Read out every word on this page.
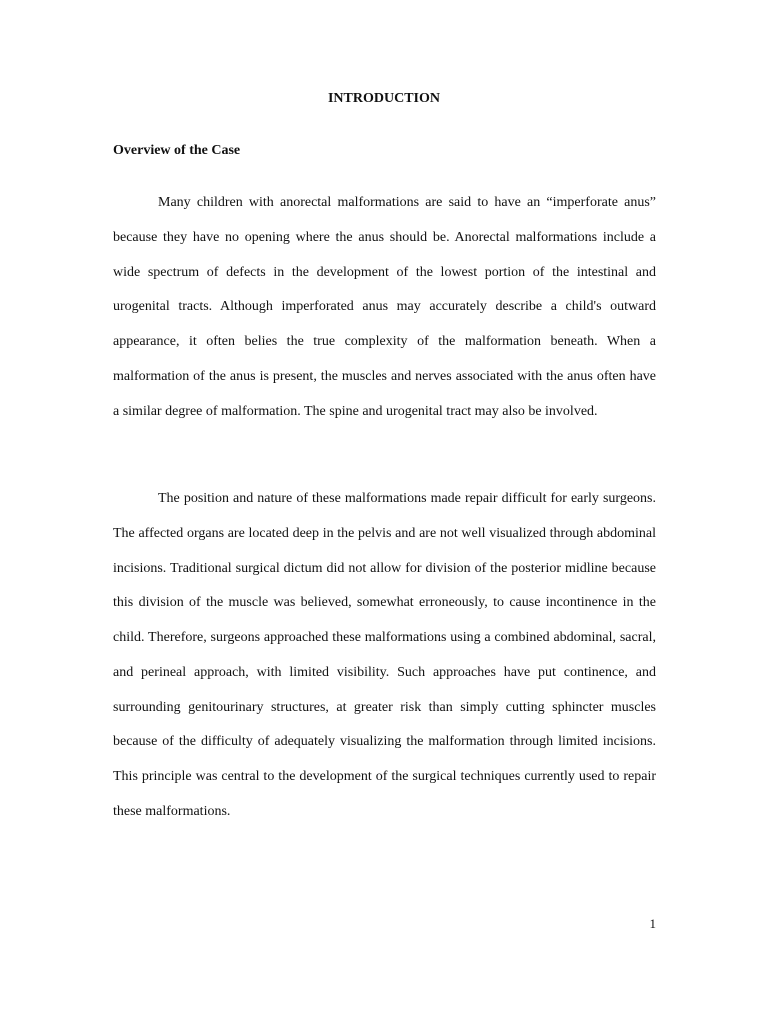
INTRODUCTION
Overview of the Case

Many children with anorectal malformations are said to have an “imperforate anus” because they have no opening where the anus should be. Anorectal malformations include a wide spectrum of defects in the development of the lowest portion of the intestinal and urogenital tracts. Although imperforated anus may accurately describe a child's outward appearance, it often belies the true complexity of the malformation beneath. When a malformation of the anus is present, the muscles and nerves associated with the anus often have a similar degree of malformation. The spine and urogenital tract may also be involved.

The position and nature of these malformations made repair difficult for early surgeons. The affected organs are located deep in the pelvis and are not well visualized through abdominal incisions. Traditional surgical dictum did not allow for division of the posterior midline because this division of the muscle was believed, somewhat erroneously, to cause incontinence in the child. Therefore, surgeons approached these malformations using a combined abdominal, sacral, and perineal approach, with limited visibility. Such approaches have put continence, and surrounding genitourinary structures, at greater risk than simply cutting sphincter muscles because of the difficulty of adequately visualizing the malformation through limited incisions. This principle was central to the development of the surgical techniques currently used to repair these malformations.

1
